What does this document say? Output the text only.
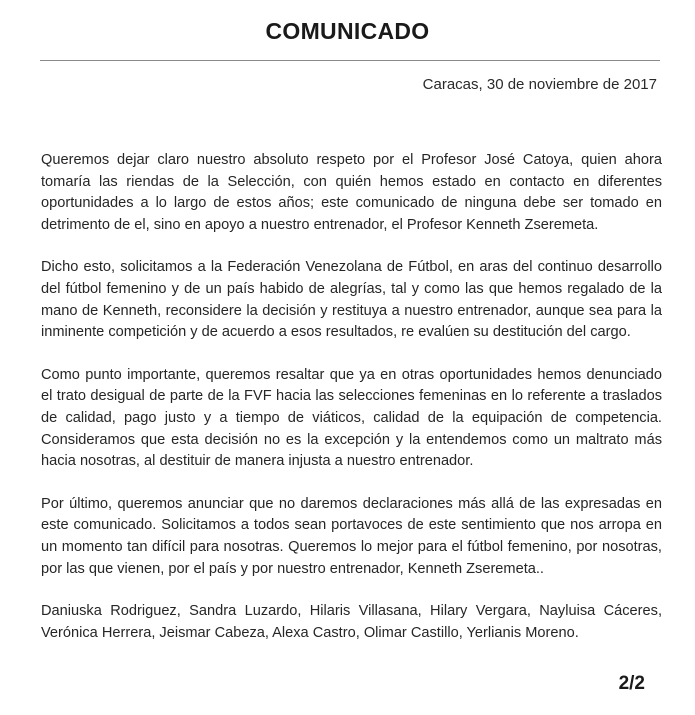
COMUNICADO
Caracas, 30 de noviembre de 2017

Queremos dejar claro nuestro absoluto respeto por el Profesor José Catoya, quien ahora tomaría las riendas de la Selección, con quién hemos estado en contacto en diferentes oportunidades a lo largo de estos años; este comunicado de ninguna debe ser tomado en detrimento de el, sino en apoyo a nuestro entrenador, el Profesor Kenneth Zseremeta.

Dicho esto, solicitamos a la Federación Venezolana de Fútbol, en aras del continuo desarrollo del fútbol femenino y de un país habido de alegrías, tal y como las que hemos regalado de la mano de Kenneth, reconsidere la decisión y restituya a nuestro entrenador, aunque sea para la inminente competición y de acuerdo a esos resultados, re evalúen su destitución del cargo.

Como punto importante, queremos resaltar que ya en otras oportunidades hemos denunciado el trato desigual de parte de la FVF hacia las selecciones femeninas en lo referente a traslados de calidad, pago justo y a tiempo de viáticos, calidad de la equipación de competencia. Consideramos que esta decisión no es la excepción y la entendemos como un maltrato más hacia nosotras, al destituir de manera injusta a nuestro entrenador.

Por último, queremos anunciar que no daremos declaraciones más allá de las expresadas en este comunicado. Solicitamos a todos sean portavoces de este sentimiento que nos arropa en un momento tan difícil para nosotras. Queremos lo mejor para el fútbol femenino, por nosotras, por las que vienen, por el país y por nuestro entrenador, Kenneth Zseremeta..

Daniuska Rodriguez, Sandra Luzardo, Hilaris Villasana, Hilary Vergara, Nayluisa Cáceres, Verónica Herrera, Jeismar Cabeza, Alexa Castro, Olimar Castillo, Yerlianis Moreno.

2/2
